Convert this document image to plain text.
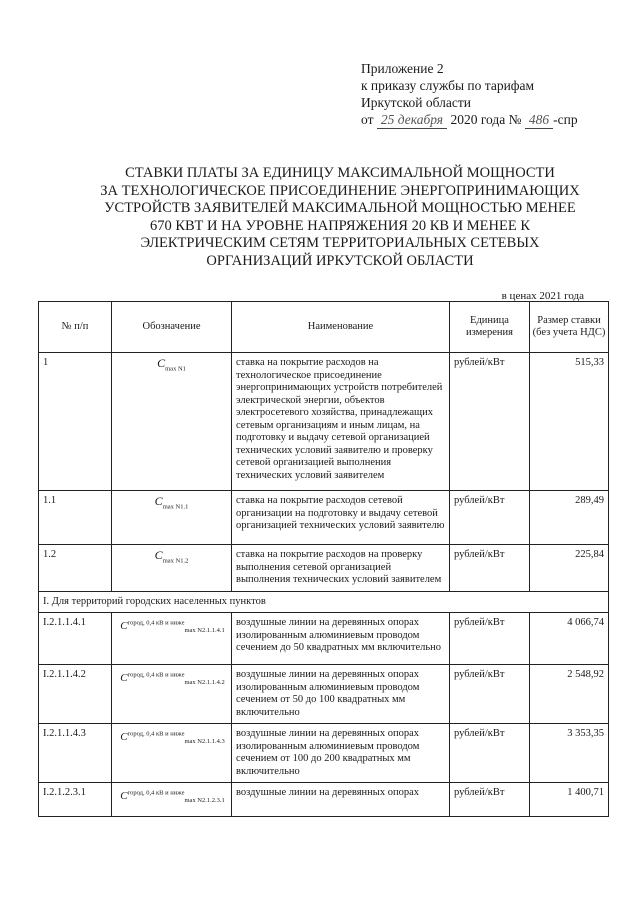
Приложение 2
к приказу службы по тарифам
Иркутской области
от 25 декабря 2020 года № 486 -спр
СТАВКИ ПЛАТЫ ЗА ЕДИНИЦУ МАКСИМАЛЬНОЙ МОЩНОСТИ
ЗА ТЕХНОЛОГИЧЕСКОЕ ПРИСОЕДИНЕНИЕ ЭНЕРГОПРИНИМАЮЩИХ
УСТРОЙСТВ ЗАЯВИТЕЛЕЙ МАКСИМАЛЬНОЙ МОЩНОСТЬЮ МЕНЕЕ
670 КВТ И НА УРОВНЕ НАПРЯЖЕНИЯ 20 КВ И МЕНЕЕ К
ЭЛЕКТРИЧЕСКИМ СЕТЯМ ТЕРРИТОРИАЛЬНЫХ СЕТЕВЫХ
ОРГАНИЗАЦИЙ ИРКУТСКОЙ ОБЛАСТИ
в ценах 2021 года
№ п/п	Обозначение	Наименование	Единица измерения	Размер ставки (без учета НДС)
1	$C_{max N1}$	ставка на покрытие расходов на технологическое присоединение энергопринимающих устройств потребителей электрической энергии, объектов электросетевого хозяйства, принадлежащих сетевым организациям и иным лицам, на подготовку и выдачу сетевой организацией технических условий заявителю и проверку сетевой организацией выполнения технических условий заявителем	рублей/кВт	515,33
1.1	$C_{max N1.1}$	ставка на покрытие расходов сетевой организации на подготовку и выдачу сетевой организацией технических условий заявителю	рублей/кВт	289,49
1.2	$C_{max N1.2}$	ставка на покрытие расходов на проверку выполнения сетевой организацией выполнения технических условий заявителем	рублей/кВт	225,84
I. Для территорий городских населенных пунктов				
I.2.1.1.4.1	$C^{город, 0,4 кВ и ниже}_{max N2.1.1.4.1}$	воздушные линии на деревянных опорах изолированным алюминиевым проводом сечением до 50 квадратных мм включительно	рублей/кВт	4 066,74
I.2.1.1.4.2	$C^{город, 0,4 кВ и ниже}_{max N2.1.1.4.2}$	воздушные линии на деревянных опорах изолированным алюминиевым проводом сечением от 50 до 100 квадратных мм включительно	рублей/кВт	2 548,92
I.2.1.1.4.3	$C^{город, 0,4 кВ и ниже}_{max N2.1.1.4.3}$	воздушные линии на деревянных опорах изолированным алюминиевым проводом сечением от 100 до 200 квадратных мм включительно	рублей/кВт	3 353,35
I.2.1.2.3.1	$C^{город, 0,4 кВ и ниже}_{max N2.1.2.3.1}$	воздушные линии на деревянных опорах	рублей/кВт	1 400,71
